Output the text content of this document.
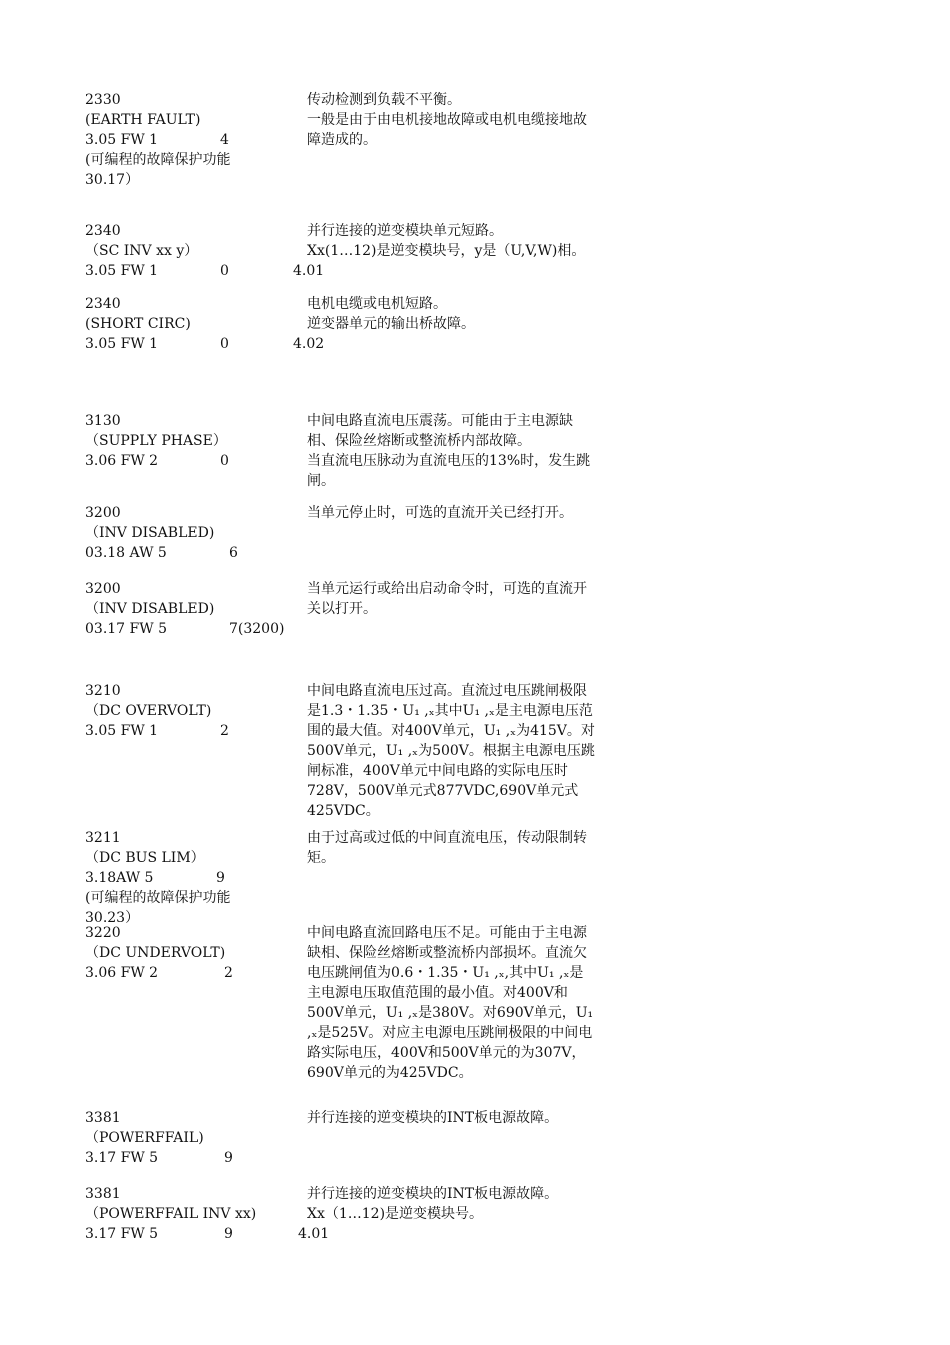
2330
(EARTH FAULT)
3.05 FW 1	4
(可编程的故障保护功能
30.17）
传动检测到负载不平衡。
一般是由于由电机接地故障或电机电缆接地故障造成的。
2340
（SC INV xx y）
3.05 FW 1	0	4.01
并行连接的逆变模块单元短路。
Xx(1…12)是逆变模块号，y是（U,V,W)相。
2340
(SHORT CIRC)
3.05 FW 1	0	4.02
电机电缆或电机短路。
逆变器单元的输出桥故障。
3130
（SUPPLY PHASE）
3.06 FW 2	0
中间电路直流电压震荡。可能由于主电源缺相、保险丝熔断或整流桥内部故障。
当直流电压脉动为直流电压的13%时，发生跳闸。
3200
（INV DISABLED)
03.18 AW 5	6
当单元停止时，可选的直流开关已经打开。
3200
（INV DISABLED)
03.17 FW 5	7(3200)
当单元运行或给出启动命令时，可选的直流开关以打开。
3210
（DC OVERVOLT)
3.05 FW 1	2
中间电路直流电压过高。直流过电压跳闸极限是1.3・1.35・U₁ ,ₓ其中U₁ ,ₓ是主电源电压范围的最大值。对400V单元，U₁ ,ₓ为415V。对500V单元，U₁ ,ₓ为500V。根据主电源电压跳闸标准，400V单元中间电路的实际电压时728V，500V单元式877VDC,690V单元式425VDC。
3211
（DC BUS LIM）
3.18AW 5	9
(可编程的故障保护功能
30.23）
由于过高或过低的中间直流电压，传动限制转矩。
3220
（DC UNDERVOLT)
3.06 FW 2	2
中间电路直流回路电压不足。可能由于主电源缺相、保险丝熔断或整流桥内部损坏。直流欠电压跳闸值为0.6・1.35・U₁ ,ₓ,其中U₁ ,ₓ是主电源电压取值范围的最小值。对400V和500V单元，U₁ ,ₓ是380V。对690V单元，U₁ ,ₓ是525V。对应主电源电压跳闸极限的中间电路实际电压，400V和500V单元的为307V，690V单元的为425VDC。
3381
（POWERFFAIL)
3.17 FW 5	9
并行连接的逆变模块的INT板电源故障。
3381
（POWERFFAIL INV xx)
3.17 FW 5	9	4.01
并行连接的逆变模块的INT板电源故障。
Xx（1…12)是逆变模块号。
